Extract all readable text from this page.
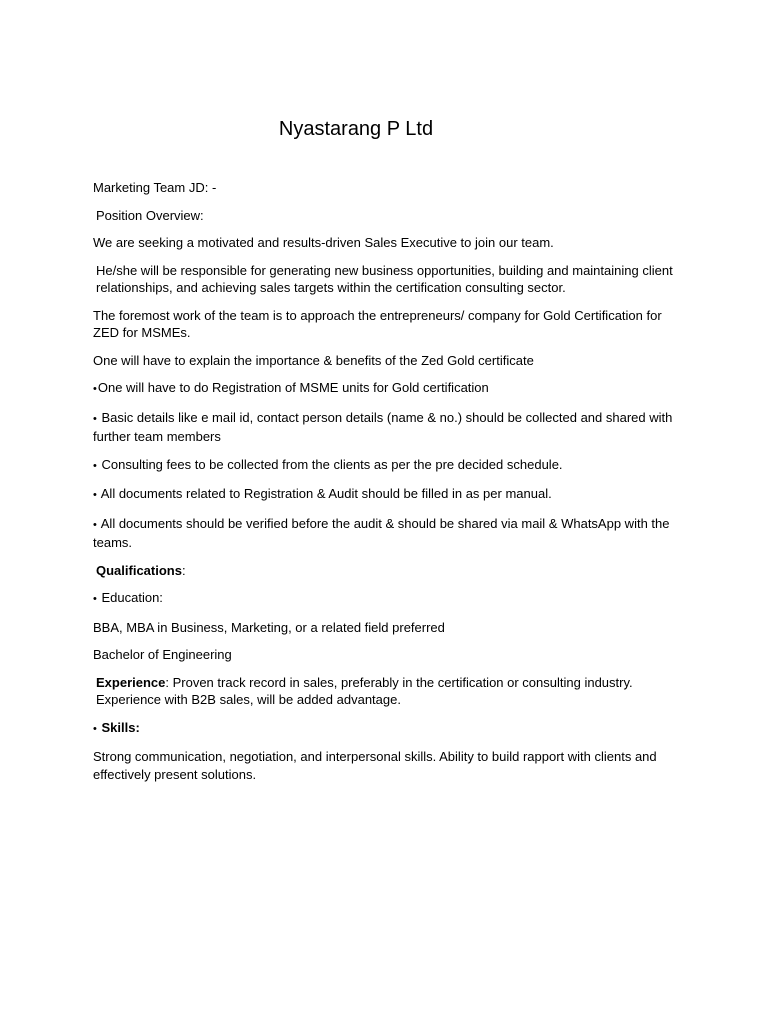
Nyastarang P Ltd

Marketing Team JD: -

Position Overview:

We are seeking a motivated and results-driven Sales Executive to join our team.

He/she will be responsible for generating new business opportunities, building and maintaining client relationships, and achieving sales targets within the certification consulting sector.

The foremost work of the team is to approach the entrepreneurs/ company for Gold Certification for ZED for MSMEs.

One will have to explain the importance & benefits of the Zed Gold certificate

•One will have to do Registration of MSME units for Gold certification

• Basic details like e mail id, contact person details (name & no.) should be collected and shared with further team members

• Consulting fees to be collected from the clients as per the pre decided schedule.

• All documents related to Registration & Audit should be filled in as per manual.

• All documents should be verified before the audit & should be shared via mail & WhatsApp with the teams.

Qualifications:

• Education:

BBA, MBA in Business, Marketing, or a related field preferred

Bachelor of Engineering

Experience: Proven track record in sales, preferably in the certification or consulting industry. Experience with B2B sales, will be added advantage.

• Skills:

Strong communication, negotiation, and interpersonal skills. Ability to build rapport with clients and effectively present solutions.
